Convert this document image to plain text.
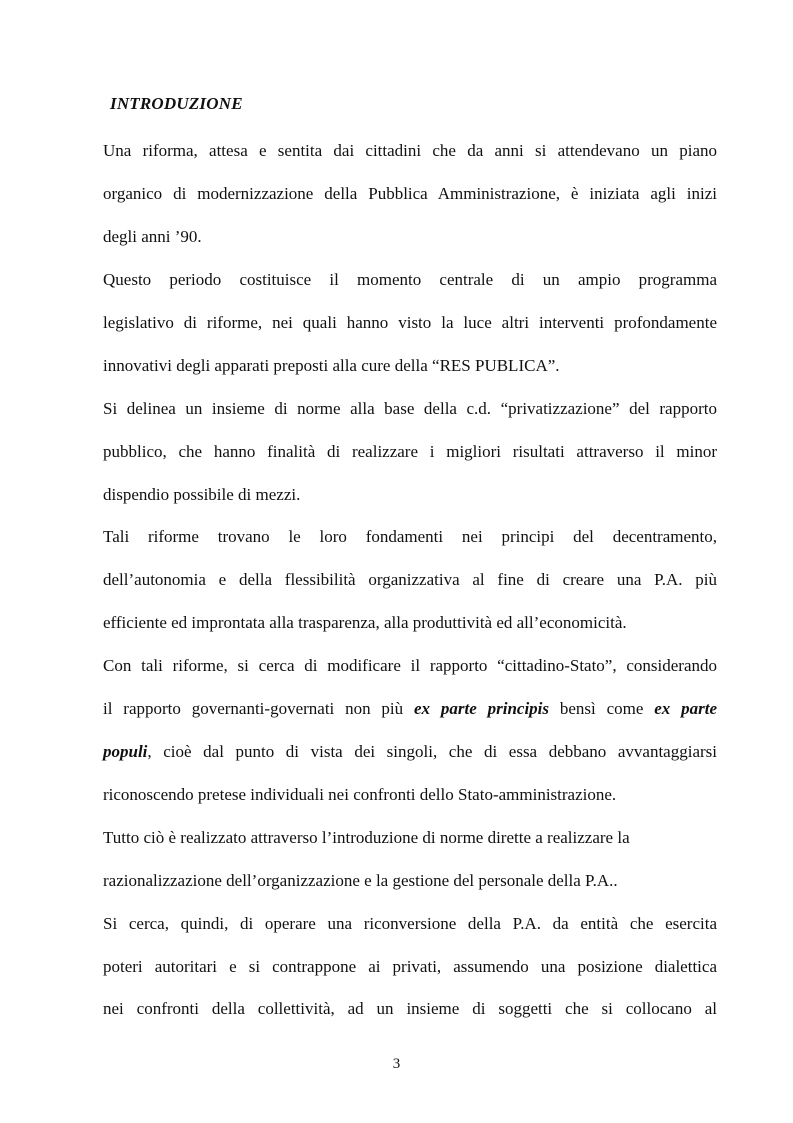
INTRODUZIONE
Una riforma, attesa e sentita dai cittadini che da anni si attendevano un piano
organico di modernizzazione della Pubblica Amministrazione, è iniziata agli inizi
degli anni ’90.
Questo periodo costituisce il momento centrale di un ampio programma
legislativo di riforme, nei quali hanno visto la luce altri interventi profondamente
innovativi degli apparati preposti alla cure della “RES PUBLICA”.
Si delinea un insieme di norme alla base della c.d. “privatizzazione” del rapporto
pubblico, che hanno finalità di realizzare i migliori risultati attraverso il minor
dispendio possibile di mezzi.
Tali riforme trovano le loro fondamenti nei principi del decentramento,
dell’autonomia e della flessibilità organizzativa al fine di creare una P.A. più
efficiente ed improntata alla trasparenza, alla produttività ed all’economicità.
Con tali riforme, si cerca di modificare il rapporto “cittadino-Stato”, considerando
il rapporto governanti-governati non più ex parte principis bensì come ex parte
populi, cioè dal punto di vista dei singoli, che di essa debbano avvantaggiarsi
riconoscendo pretese individuali nei confronti dello Stato-amministrazione.
Tutto ciò è realizzato attraverso l’introduzione di norme dirette a realizzare la
razionalizzazione dell’organizzazione e la gestione del personale della P.A..
Si cerca, quindi, di operare una riconversione della P.A. da entità che esercita
poteri autoritari e si contrappone ai privati, assumendo una posizione dialettica
nei confronti della collettività, ad un insieme di soggetti che si collocano al
3
